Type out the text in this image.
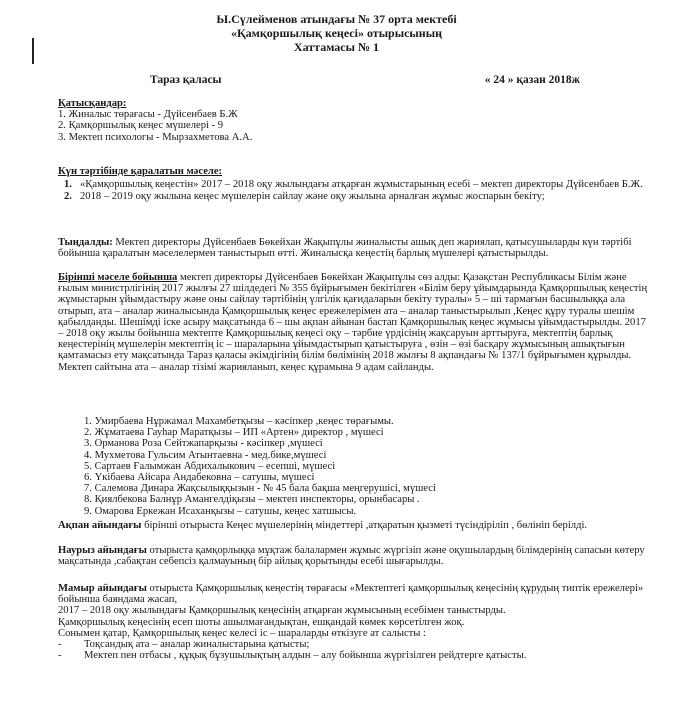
Ы.Сүлейменов атындағы № 37 орта мектебі
«Қамқоршылық кеңесі» отырысының
Хаттамасы № 1
Тараз қаласы	« 24 » қазан 2018ж
Қатысқандар:
1. Жиналыс төрағасы - Дүйсенбаев Б.Ж
2. Қамқоршылық кеңес мүшелері - 9
3. Мектеп психологы - Мырзахметова А.А.
Күн тәртібінде қаралатын мәселе:
1. «Қамқоршылық кеңестін» 2017 – 2018 оқу жылындағы атқарған жұмыстарының есебі – мектеп директоры Дүйсенбаев Б.Ж.
2. 2018 – 2019 оқу жылына кеңес мүшелерін сайлау және оқу жылына арналған жұмыс жоспарын бекіту;
Тыңдалды: Мектеп директоры Дүйсенбаев Бөкейхан Жақыпұлы жиналысты ашық деп жариялап, қатысушыларды күн тәртібі бойынша қаралатын мәселелермен таныстырып өтті. Жиналысқа кеңестің барлық мүшелері қатыстырылды.
Бірінші мәселе бойынша мектеп директоры Дүйсенбаев Бөкейхан Жақыпұлы сөз алды: Қазақстан Республикасы Білім және ғылым министрлігінің 2017 жылғы 27 шілдедегі № 355 бұйрығымен бекітілген «Білім беру ұйымдарында Қамқоршылық кеңестің жұмыстарын ұйымдастыру және оны сайлау тәртібінің үлгілік қағидаларын бекіту туралы» 5 – ші тармағын басшылыққа ала отырып, ата – аналар жиналысында Қамқоршылық кеңес ережелерімен ата – аналар таныстырылып ,Кеңес құру туралы шешім қабылданды. Шешімді іске асыру мақсатында 6 – шы ақпан айынан бастап Қамқоршылық кеңес жұмысы ұйымдастырылды. 2017 – 2018 оқу жылы бойынша мектепте Қамқоршылық кеңесі оқу – тәрбие үрдісінің жақсаруын арттыруға, мектептің барлық кеңестерінің мүшелерін мектептің іс – шараларына ұйымдастырып қатыстыруға , өзін – өзі басқару жұмысының ашықтығын қамтамасыз ету мақсатында Тараз қаласы әкімдігінің білім бөлімінің 2018 жылғы 8 ақпандағы № 137/1 бұйрығымен құрылды. Мектеп сайтына ата – аналар тізімі жарияланып, кеңес құрамына 9 адам сайланды.
1. Умирбаева Нұржамал Махамбетқызы – кәсіпкер ,кеңес төрағымы.
2. Жұматаева Гауһар Маратқызы – ИП «Артен» директор , мүшесі
3. Орманова Роза Сейтжапарқызы - кәсіпкер ,мүшесі
4. Мухметова Гульсим Атынтаевна - мед.бике,мүшесі
5. Сартаев Ғалымжан Абдихалыкович – есепші, мүшесі
6. Үкібаева Айсара Андабековна – сатушы, мүшесі
7. Салемова Динара Жақсылыққызын - № 45 бала бақша меңгерушісі, мүшесі
8. Қиялбекова Балнұр Амангелдіқызы – мектеп инспекторы, орынбасары .
9. Омарова Еркежан Исаханқызы – сатушы, кеңес хатшысы.
Ақпан айындағы бірінші отырыста Кеңес мүшелерінің міндеттері ,атқаратын қызметі түсіндіріліп , бөлініп берілді.
Наурыз айындағы отырыста қамқорлыққа мұқтаж балалармен жұмыс жүргізіп және оқушылардың білімдерінің сапасын көтеру мақсатында ,сабақтан себепсіз қалмауының бір айлық қорытынды есебі шығарылды.
Мамыр айындағы отырыста Қамқоршылық кеңестің төрағасы «Мектептегі қамқоршылық кеңесінің құрудың типтік ережелері» бойынша баяндама жасап,
2017 – 2018 оқу жылындағы Қамқоршылық кеңесінің атқарған жұмысының есебімен таныстырды.
Қамқоршылық кеңесінің есеп шоты ашылмағандықтан, ешқандай көмек көрсетілген жоқ.
Сонымен қатар, Қамқоршылық кеңес келесі іс – шараларды өткізуге ат салысты :
- Тоқсандық ата – аналар жиналыстарына қатысты;
- Мектеп пен отбасы , құқық бұзушылықтың алдын – алу бойынша жүргізілген рейдтерге қатысты.
